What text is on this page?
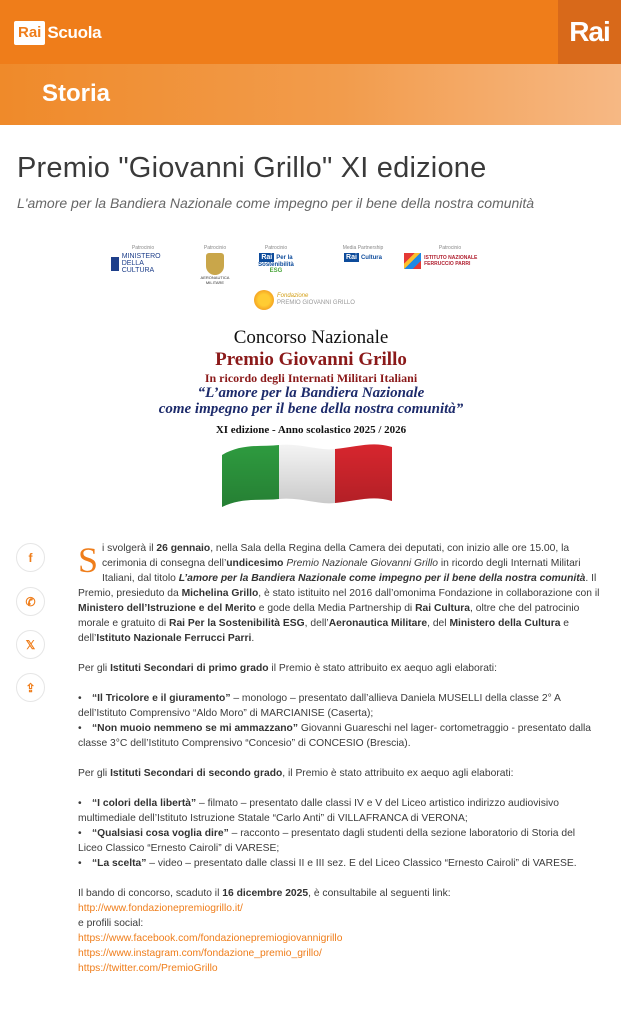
Rai Scuola	Rai
Storia
Premio "Giovanni Grillo" XI edizione
L'amore per la Bandiera Nazionale come impegno per il bene della nostra comunità
Patrocinio
MINISTERO DELLA CULTURA
Patrocinio
AERONAUTICA MILITARE
Patrocinio
Rai Per la Sostenibilità
ESG
Media Partnership
Rai Cultura
Patrocinio
ISTITUTO NAZIONALE FERRUCCIO PARRI
Fondazione
PREMIO GIOVANNI GRILLO
Concorso Nazionale
Premio Giovanni Grillo
In ricordo degli Internati Militari Italiani
“L’amore per la Bandiera Nazionale
come impegno per il bene della nostra comunità”
XI edizione - Anno scolastico 2025 / 2026
f
✆
𝕏
⇪

Si svolgerà il 26 gennaio, nella Sala della Regina della Camera dei deputati, con inizio alle ore 15.00, la cerimonia di consegna dell’undicesimo Premio Nazionale Giovanni Grillo in ricordo degli Internati Militari Italiani, dal titolo L’amore per la Bandiera Nazionale come impegno per il bene della nostra comunità. Il Premio, presieduto da Michelina Grillo, è stato istituito nel 2016 dall’omonima Fondazione in collaborazione con il Ministero dell’Istruzione e del Merito e gode della Media Partnership di Rai Cultura, oltre che del patrocinio morale e gratuito di Rai Per la Sostenibilità ESG, dell’Aeronautica Militare, del Ministero della Cultura e dell’Istituto Nazionale Ferrucci Parri.

Per gli Istituti Secondari di primo grado il Premio è stato attribuito ex aequo agli elaborati:

• “Il Tricolore e il giuramento” – monologo – presentato dall’allieva Daniela MUSELLI della classe 2° A dell’Istituto Comprensivo “Aldo Moro” di MARCIANISE (Caserta);

• “Non muoio nemmeno se mi ammazzano” Giovanni Guareschi nel lager- cortometraggio - presentato dalla classe 3°C dell’Istituto Comprensivo “Concesio” di CONCESIO (Brescia).

Per gli Istituti Secondari di secondo grado, il Premio è stato attribuito ex aequo agli elaborati:

• “I colori della libertà” – filmato – presentato dalle classi IV e V del Liceo artistico indirizzo audiovisivo multimediale dell’Istituto Istruzione Statale “Carlo Anti” di VILLAFRANCA di VERONA;

• “Qualsiasi cosa voglia dire” – racconto – presentato dagli studenti della sezione laboratorio di Storia del Liceo Classico “Ernesto Cairoli” di VARESE;

• “La scelta” – video – presentato dalle classi II e III sez. E del Liceo Classico “Ernesto Cairoli” di VARESE.

Il bando di concorso, scaduto il 16 dicembre 2025, è consultabile al seguenti link: http://www.fondazionepremiogrillo.it/

e profili social:

https://www.facebook.com/fondazionepremiogiovannigrillo

https://www.instagram.com/fondazione_premio_grillo/

https://twitter.com/PremioGrillo
